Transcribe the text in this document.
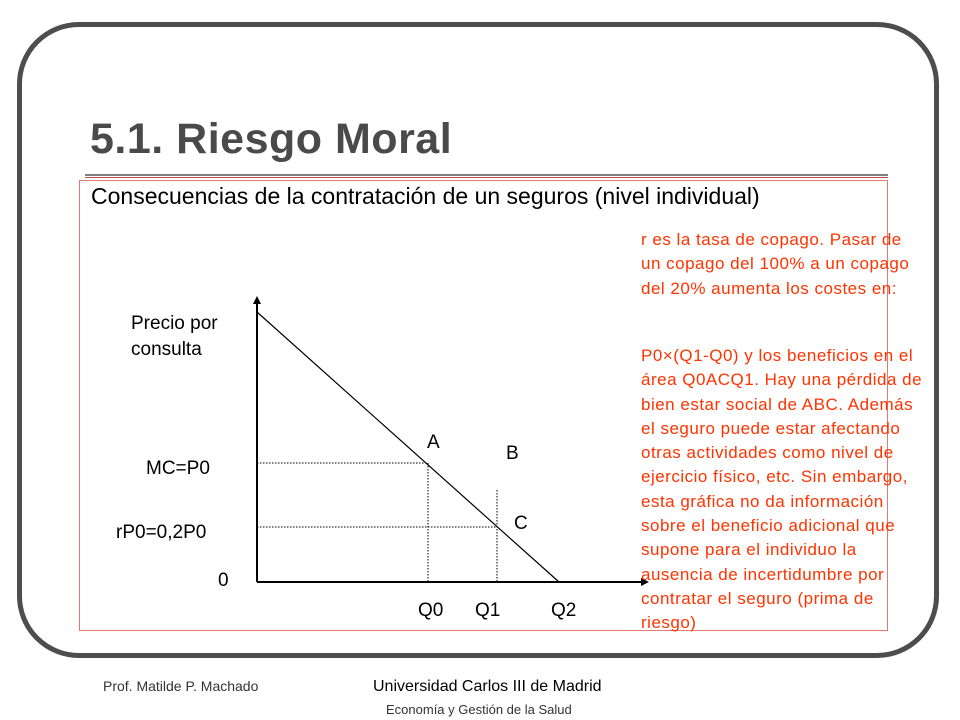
5.1. Riesgo Moral
Consecuencias de la contratación de un seguros (nivel individual)
Precio por consulta
MC=P0
rP0=0,2P0
0
Q0 Q1	Q2
A
B
C
r es la tasa de copago. Pasar de un copago del 100% a un copago del 20% aumenta los costes en:
P0×(Q1-Q0) y los beneficios en el área Q0ACQ1. Hay una pérdida de bien estar social de ABC. Además el seguro puede estar afectando otras actividades como nivel de ejercicio físico, etc. Sin embargo, esta gráfica no da información sobre el beneficio adicional que supone para el individuo la ausencia de incertidumbre por contratar el seguro (prima de riesgo)
Prof. Matilde P. Machado	Universidad Carlos III de Madrid
Economía y Gestión de la Salud
